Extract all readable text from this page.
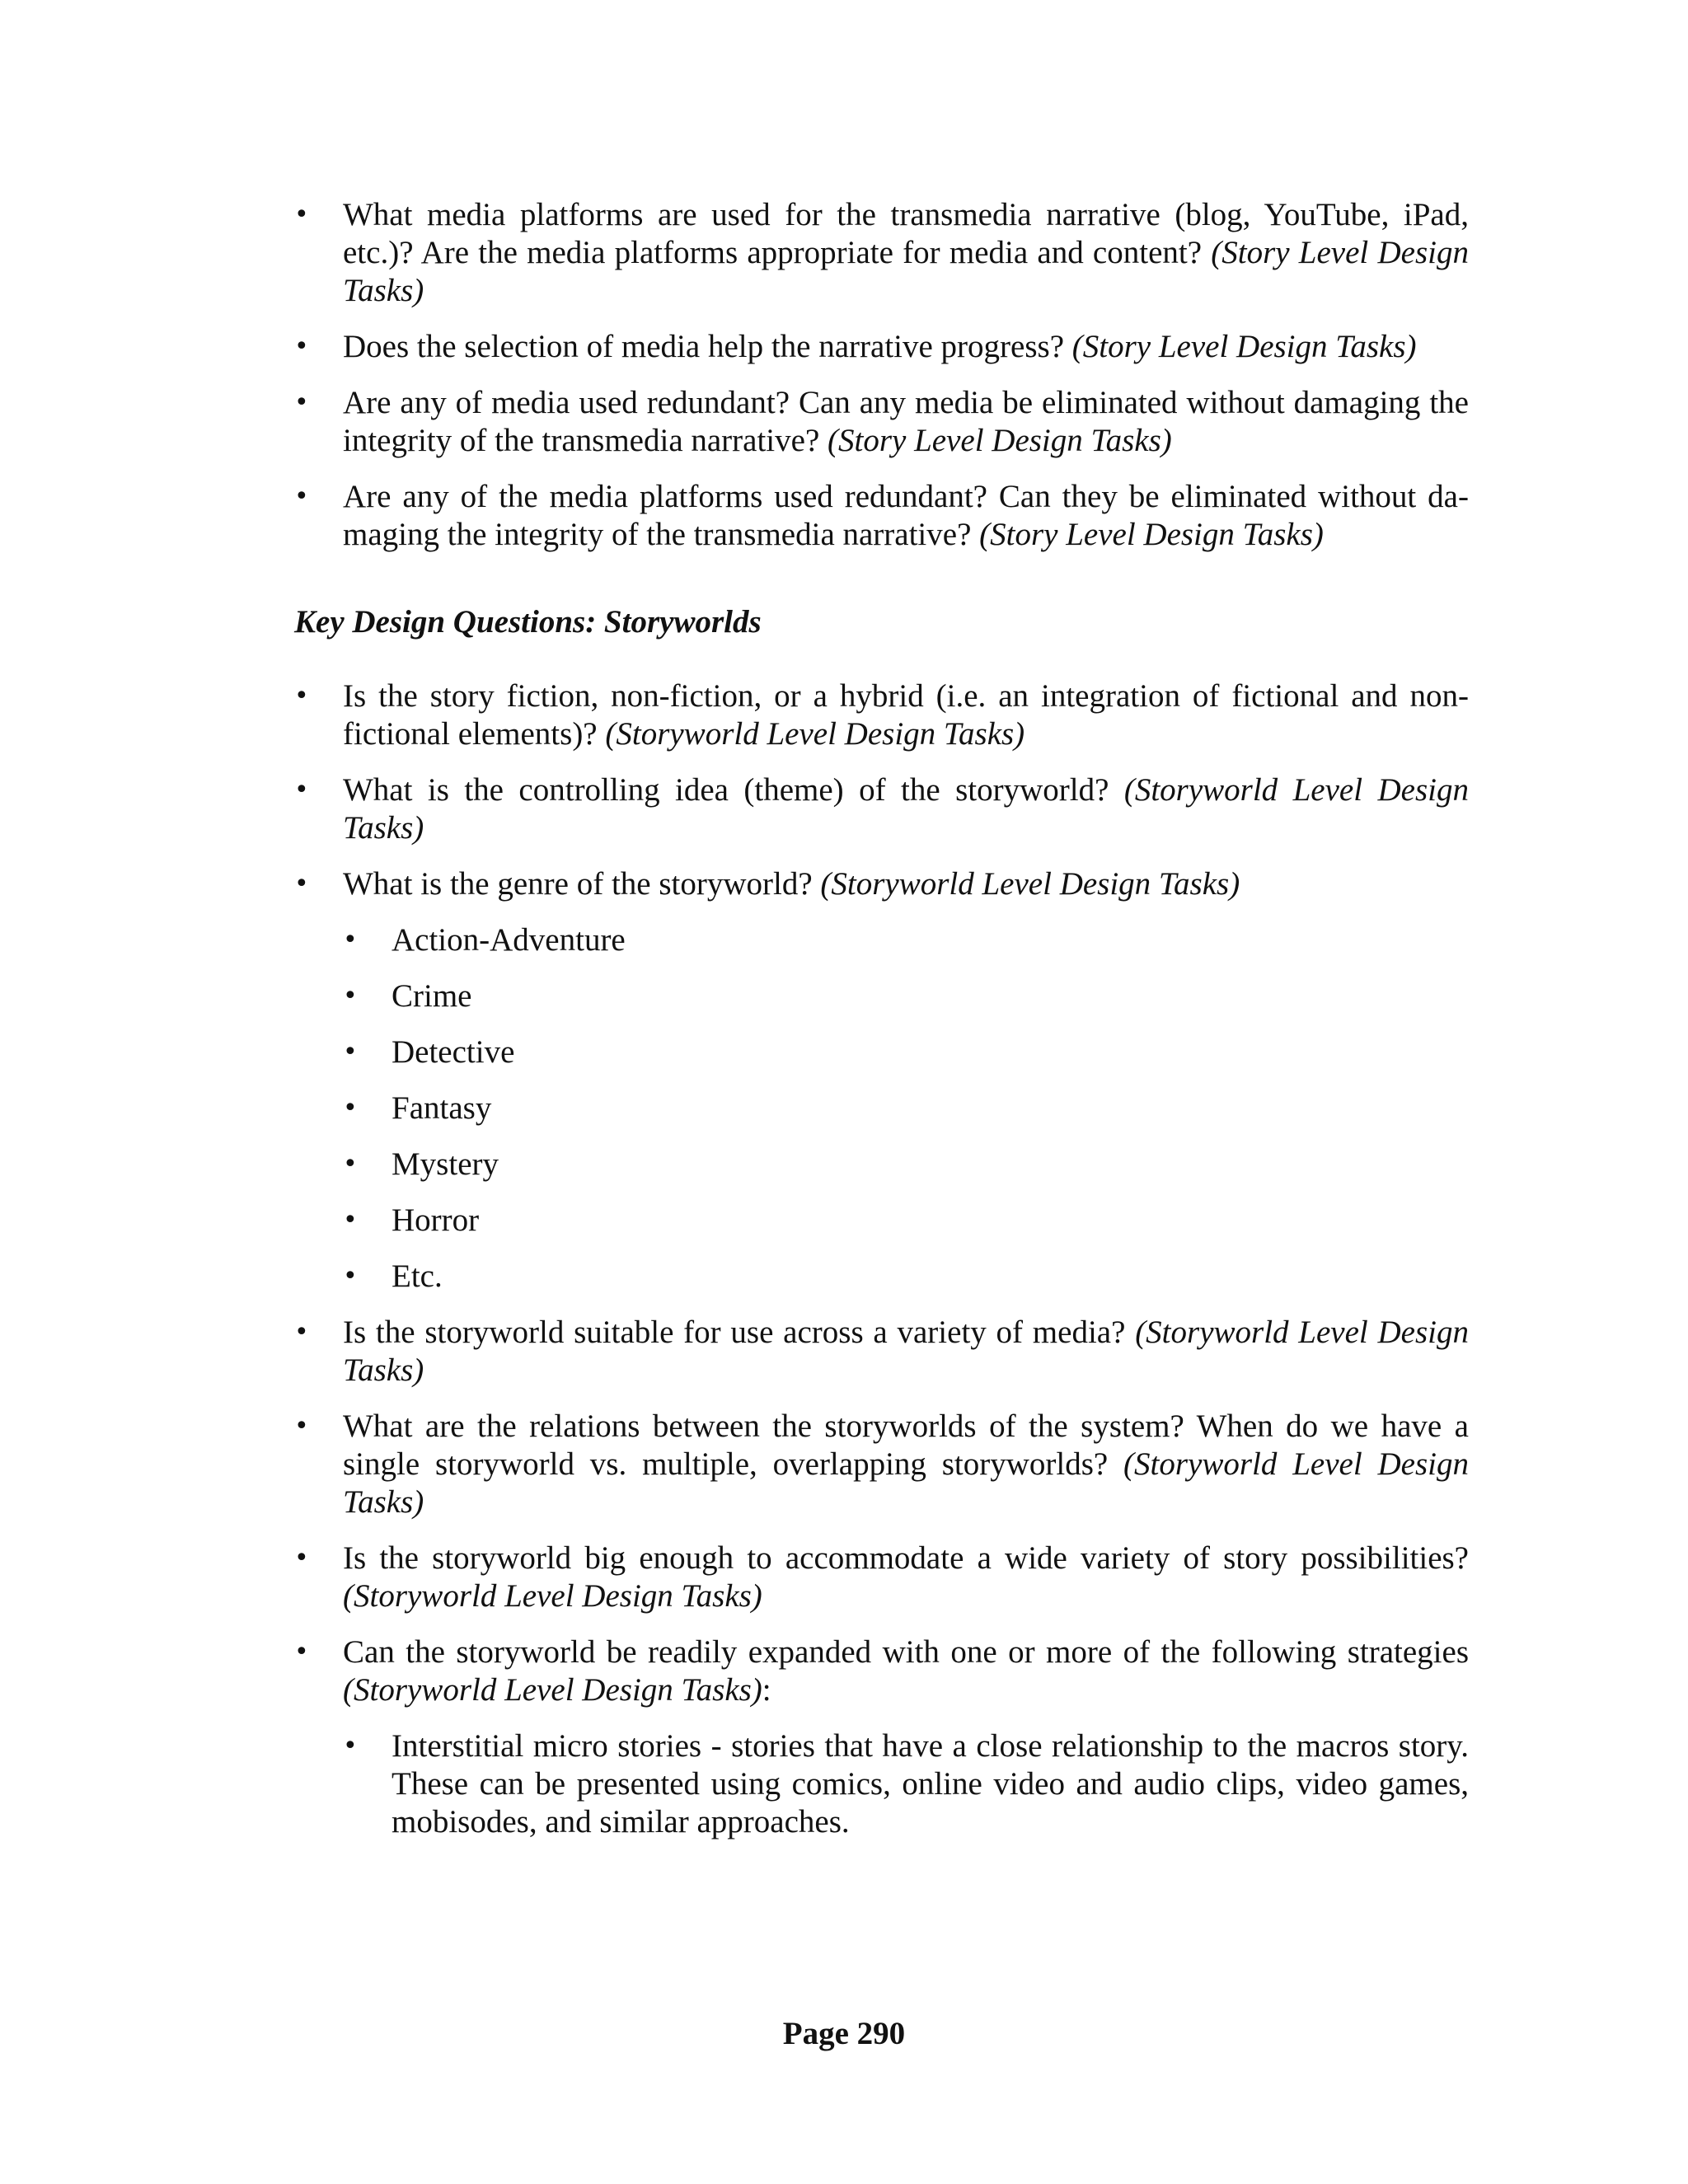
• What media platforms are used for the transmedia narrative (blog, YouTube, iPad, etc.)? Are the media platforms appropriate for media and content? (Story Level Design Tasks)
• Does the selection of media help the narrative progress? (Story Level Design Tasks)
• Are any of media used redundant? Can any media be eliminated without damaging the integrity of the transmedia narrative? (Story Level Design Tasks)
• Are any of the media platforms used redundant? Can they be eliminated without damaging the integrity of the transmedia narrative? (Story Level Design Tasks)
Key Design Questions: Storyworlds
• Is the story fiction, non-fiction, or a hybrid (i.e. an integration of fictional and non-fictional elements)? (Storyworld Level Design Tasks)
• What is the controlling idea (theme) of the storyworld? (Storyworld Level Design Tasks)
• What is the genre of the storyworld? (Storyworld Level Design Tasks)
• Action-Adventure
• Crime
• Detective
• Fantasy
• Mystery
• Horror
• Etc.
• Is the storyworld suitable for use across a variety of media? (Storyworld Level Design Tasks)
• What are the relations between the storyworlds of the system? When do we have a single storyworld vs. multiple, overlapping storyworlds? (Storyworld Level Design Tasks)
• Is the storyworld big enough to accommodate a wide variety of story possibilities? (Storyworld Level Design Tasks)
• Can the storyworld be readily expanded with one or more of the following strategies (Storyworld Level Design Tasks):
• Interstitial micro stories - stories that have a close relationship to the macros story. These can be presented using comics, online video and audio clips, video games, mobisodes, and similar approaches.
Page 290
